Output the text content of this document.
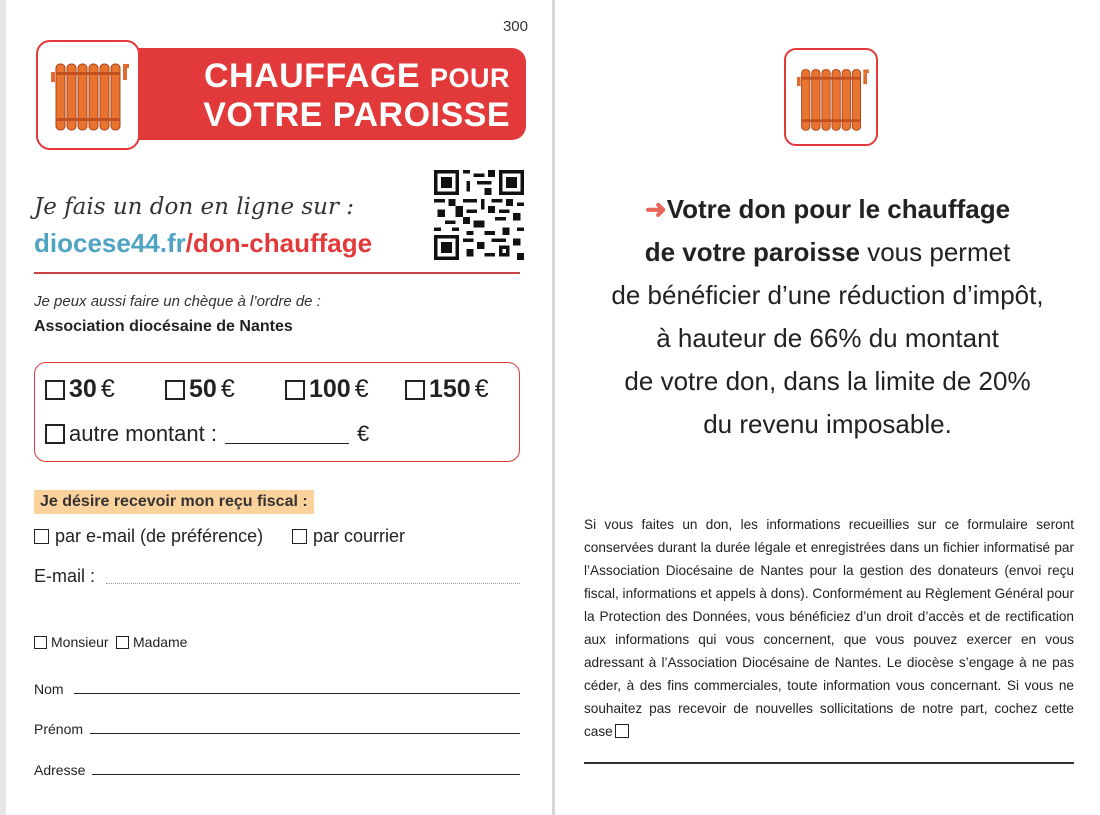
300
CHAUFFAGE POUR
VOTRE PAROISSE
Je fais un don en ligne sur :
diocese44.fr/don-chauffage
Je peux aussi faire un chèque à l’ordre de :
Association diocésaine de Nantes
30 €	50 €	100 € 150 €
autre montant :	€
Je désire recevoir mon reçu fiscal :
par e-mail (de préférence)	par courrier
E-mail :
Monsieur Madame
Nom
Prénom
Adresse
➜Votre don pour le chauffage
de votre paroisse vous permet
de bénéficier d’une réduction d’impôt,
à hauteur de 66% du montant
de votre don, dans la limite de 20%
du revenu imposable.
Si vous faites un don, les informations recueillies sur ce formulaire seront conservées durant la durée légale et enregistrées dans un fichier informatisé par l’Association Diocésaine de Nantes pour la gestion des donateurs (envoi reçu fiscal, informations et appels à dons). Conformément au Règlement Général pour la Protection des Données, vous bénéficiez d’un droit d’accès et de rectification aux informations qui vous concernent, que vous pouvez exercer en vous adressant à l’Association Diocésaine de Nantes. Le diocèse s’engage à ne pas céder, à des fins commerciales, toute information vous concernant. Si vous ne souhaitez pas recevoir de nouvelles sollicitations de notre part, cochez cette case
